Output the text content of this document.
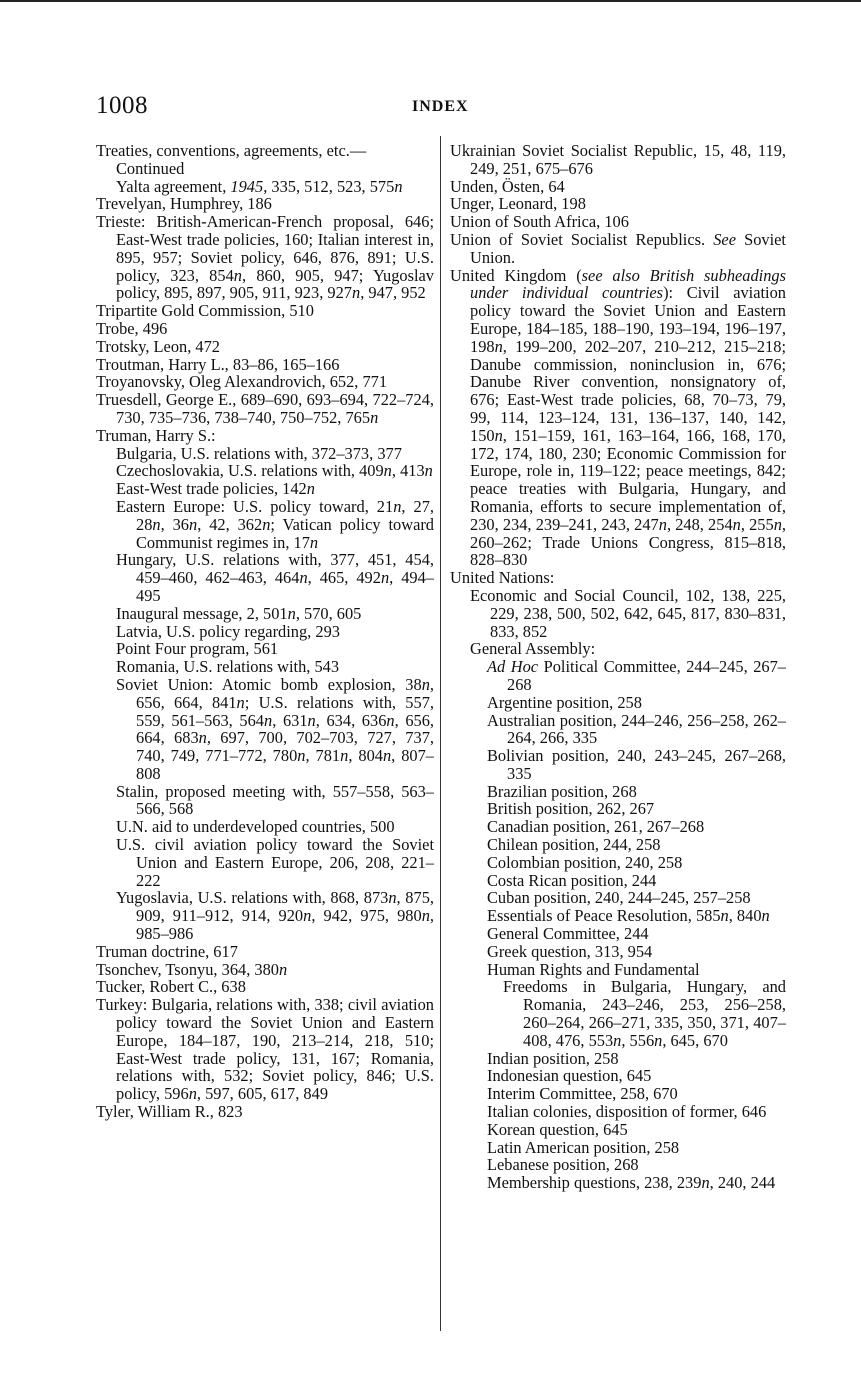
1008	INDEX

Treaties, conventions, agreements, etc.—

Continued

Yalta agreement, 1945, 335, 512, 523, 575n

Trevelyan, Humphrey, 186

Trieste: British-American-French proposal, 646; East-West trade policies, 160; Italian interest in, 895, 957; Soviet policy, 646, 876, 891; U.S. policy, 323, 854n, 860, 905, 947; Yugoslav policy, 895, 897, 905, 911, 923, 927n, 947, 952

Tripartite Gold Commission, 510

Trobe, 496

Trotsky, Leon, 472

Troutman, Harry L., 83–86, 165–166

Troyanovsky, Oleg Alexandrovich, 652, 771

Truesdell, George E., 689–690, 693–694, 722–724, 730, 735–736, 738–740, 750–752, 765n

Truman, Harry S.:

Bulgaria, U.S. relations with, 372–373, 377

Czechoslovakia, U.S. relations with, 409n, 413n

East-West trade policies, 142n

Eastern Europe: U.S. policy toward, 21n, 27, 28n, 36n, 42, 362n; Vatican policy toward Communist regimes in, 17n

Hungary, U.S. relations with, 377, 451, 454, 459–460, 462–463, 464n, 465, 492n, 494–495

Inaugural message, 2, 501n, 570, 605

Latvia, U.S. policy regarding, 293

Point Four program, 561

Romania, U.S. relations with, 543

Soviet Union: Atomic bomb explosion, 38n, 656, 664, 841n; U.S. relations with, 557, 559, 561–563, 564n, 631n, 634, 636n, 656, 664, 683n, 697, 700, 702–703, 727, 737, 740, 749, 771–772, 780n, 781n, 804n, 807–808

Stalin, proposed meeting with, 557–558, 563–566, 568

U.N. aid to underdeveloped countries, 500

U.S. civil aviation policy toward the Soviet Union and Eastern Europe, 206, 208, 221–222

Yugoslavia, U.S. relations with, 868, 873n, 875, 909, 911–912, 914, 920n, 942, 975, 980n, 985–986

Truman doctrine, 617

Tsonchev, Tsonyu, 364, 380n

Tucker, Robert C., 638

Turkey: Bulgaria, relations with, 338; civil aviation policy toward the Soviet Union and Eastern Europe, 184–187, 190, 213–214, 218, 510; East-West trade policy, 131, 167; Romania, relations with, 532; Soviet policy, 846; U.S. policy, 596n, 597, 605, 617, 849

Tyler, William R., 823

Ukrainian Soviet Socialist Republic, 15, 48, 119, 249, 251, 675–676

Unden, Östen, 64

Unger, Leonard, 198

Union of South Africa, 106

Union of Soviet Socialist Republics. See Soviet Union.

United Kingdom (see also British subheadings under individual countries): Civil aviation policy toward the Soviet Union and Eastern Europe, 184–185, 188–190, 193–194, 196–197, 198n, 199–200, 202–207, 210–212, 215–218; Danube commission, noninclusion in, 676; Danube River convention, nonsignatory of, 676; East-West trade policies, 68, 70–73, 79, 99, 114, 123–124, 131, 136–137, 140, 142, 150n, 151–159, 161, 163–164, 166, 168, 170, 172, 174, 180, 230; Economic Commission for Europe, role in, 119–122; peace meetings, 842; peace treaties with Bulgaria, Hungary, and Romania, efforts to secure implementation of, 230, 234, 239–241, 243, 247n, 248, 254n, 255n, 260–262; Trade Unions Congress, 815–818, 828–830

United Nations:

Economic and Social Council, 102, 138, 225, 229, 238, 500, 502, 642, 645, 817, 830–831, 833, 852

General Assembly:

Ad Hoc Political Committee, 244–245, 267–268

Argentine position, 258

Australian position, 244–246, 256–258, 262–264, 266, 335

Bolivian position, 240, 243–245, 267–268, 335

Brazilian position, 268

British position, 262, 267

Canadian position, 261, 267–268

Chilean position, 244, 258

Colombian position, 240, 258

Costa Rican position, 244

Cuban position, 240, 244–245, 257–258

Essentials of Peace Resolution, 585n, 840n

General Committee, 244

Greek question, 313, 954

Human Rights and Fundamental

Freedoms in Bulgaria, Hungary, and Romania, 243–246, 253, 256–258, 260–264, 266–271, 335, 350, 371, 407–408, 476, 553n, 556n, 645, 670

Indian position, 258

Indonesian question, 645

Interim Committee, 258, 670

Italian colonies, disposition of former, 646

Korean question, 645

Latin American position, 258

Lebanese position, 268

Membership questions, 238, 239n, 240, 244
